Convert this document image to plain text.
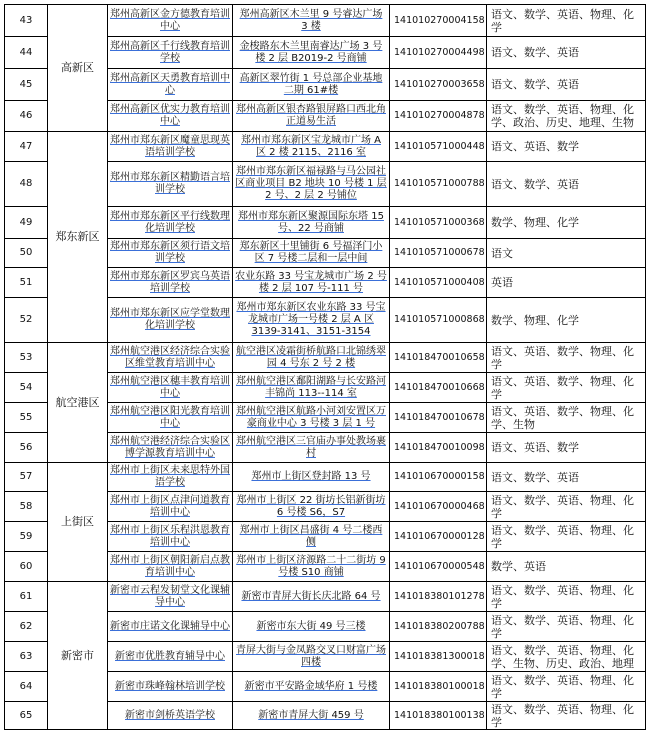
43	高新区	郑州高新区金方德教育培训中心	郑州高新区木兰里 9 号睿达广场 3 楼	141010270004158	语文、数学、英语、物理、化学
44		郑州高新区千行线教育培训学校	金梭路东木兰里南睿达广场 3 号楼 2 层 B2019-2 号商铺	141010270004498	语文、数学、英语
45		郑州高新区天勇教育培训中心	高新区翠竹街 1 号总部企业基地二期 61#楼	141010270003658	语文、数学、英语
46		郑州高新区优实力教育培训中心	郑州高新区银杏路银屏路口西北角正道易生活	141010270004878	语文、数学、英语、物理、化学、政治、历史、地理、生物
47	郑东新区	郑州市郑东新区魔童思现英语培训学校	郑州市郑东新区宝龙城市广场 A 区 2 楼 2115、2116 室	141010571000448	语文、英语、数学
48		郑州市郑东新区精勤语言培训学校	郑州市郑东新区福禄路与马公园社区商业项目 B2 地块 10 号楼 1 层 2 号、2 层 2 号铺位	141010571000788	语文、数学、英语
49		郑州市郑东新区平行线数理化培训学校	郑州市郑东新区聚源国际东塔 15 号、22 号商铺	141010571000368	数学、物理、化学
50		郑州市郑东新区须行语文培训学校	郑东新区十里铺街 6 号福泽门小区 7 号楼二层和一层中间	141010571000678	语文
51		郑州市郑东新区罗宾乌英语培训学校	农业东路 33 号宝龙城市广场 2 号楼 2 层 107 号-111 号	141010571000408	英语
52		郑州市郑东新区应学堂数理化培训学校	郑州市郑东新区农业东路 33 号宝龙城市广场一号楼 2 层 A 区 3139-3141、3151-3154	141010571000868	数学、物理、化学
53	航空港区	郑州航空港区经济综合实验区维堂教育培训中心	航空港区凌霜街桥航路口北锦绣翠园 4 号东 2 号 2 楼	141018470010658	语文、英语、数学、物理、化学
54		郑州航空港区穗丰教育培训中心	郑州航空港区鄱阳湖路与长安路河丰锦尚 113--114 室	141018470010668	语文、英语、数学、物理、化学
55		郑州航空港区阳光教育培训中心	郑州航空港区航路小河刘安置区万豪商业中心 3 号楼 3 层 1 号	141018470010678	语文、英语、数学、物理、化学、生物
56		郑州航空港经济综合实验区博学源教育培训中心	郑州航空港区三官庙办事处教场裹村	141018470010098	语文、英语、数学
57	上街区	郑州市上街区未来思特外国语学校	郑州市上街区登封路 13 号	141010670000158	语文、数学、英语
58		郑州市上街区点津问道教育培训中心	郑州市上街区 22 街坊长铝新街坊 6 号楼 S6，S7	141010670000468	语文、数学、英语、物理、化学
59		郑州市上街区乐程洪恩教育培训中心	郑州市上街区昌盛街 4 号二楼西侧	141010670000128	语文、数学、英语、物理、化学
60		郑州市上街区朝阳新启点教育培训中心	郑州市上街区济源路二十二街坊 9 号楼 S10 商铺	141010670000548	数学、英语
61	新密市	新密市云程发韧堂文化课辅导中心	新密市青屏大街长庆北路 64 号	141018380101278	语文、数学、英语、物理、化学
62		新密市庄诺文化课辅导中心	新密市东大街 49 号三楼	141018380200788	语文、数学、英语、物理、化学
63		新密市优胜教育辅导中心	青屏大街与金凤路交叉口财富广场四楼	141018381300018	语文、数学、英语、物理、化学、生物、历史、政治、地理
64		新密市珠峰翰林培训学校	新密市平安路金域华府 1 号楼	141018380100018	语文、数学、英语、物理、化学
65		新密市剑桥英语学校	新密市青屏大街 459 号	141018380100138	语文、数学、英语、物理、化学
